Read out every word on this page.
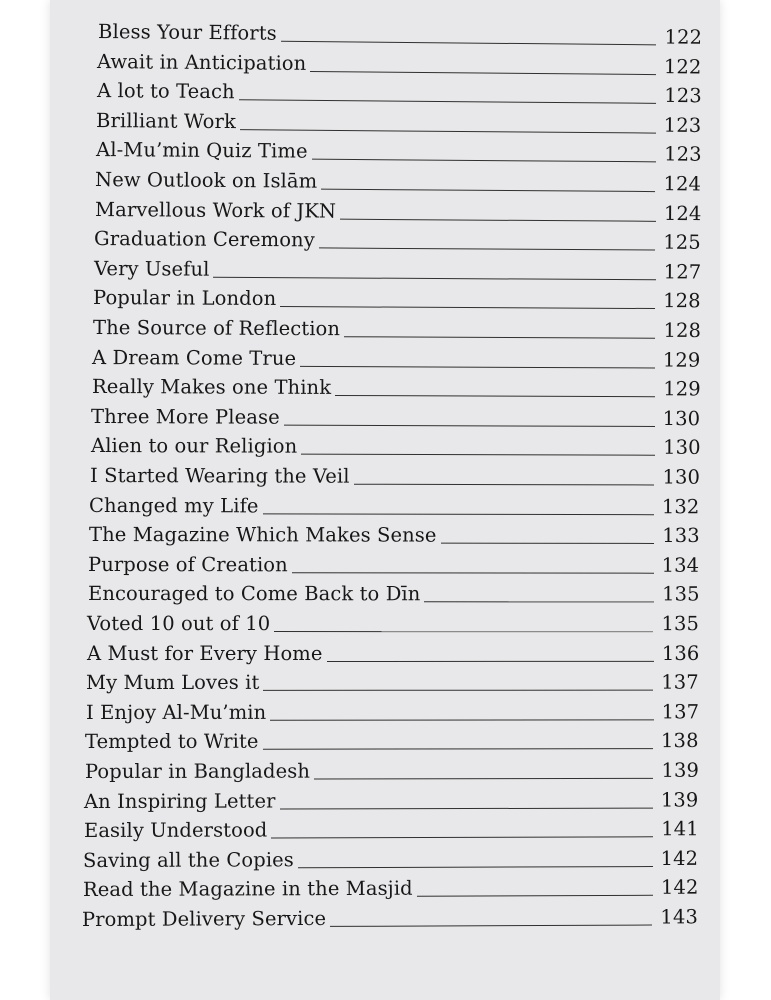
Bless Your Efforts	122
Await in Anticipation	122
A lot to Teach	123
Brilliant Work	123
Al-Mu’min Quiz Time	123
New Outlook on Islām	124
Marvellous Work of JKN	124
Graduation Ceremony	125
Very Useful	127
Popular in London	128
The Source of Reflection	128
A Dream Come True	129
Really Makes one Think	129
Three More Please	130
Alien to our Religion	130
I Started Wearing the Veil	130
Changed my Life	132
The Magazine Which Makes Sense	133
Purpose of Creation	134
Encouraged to Come Back to Dīn	135
Voted 10 out of 10	135
A Must for Every Home	136
My Mum Loves it	137
I Enjoy Al-Mu’min	137
Tempted to Write	138
Popular in Bangladesh	139
An Inspiring Letter	139
Easily Understood	141
Saving all the Copies	142
Read the Magazine in the Masjid	142
Prompt Delivery Service	143
